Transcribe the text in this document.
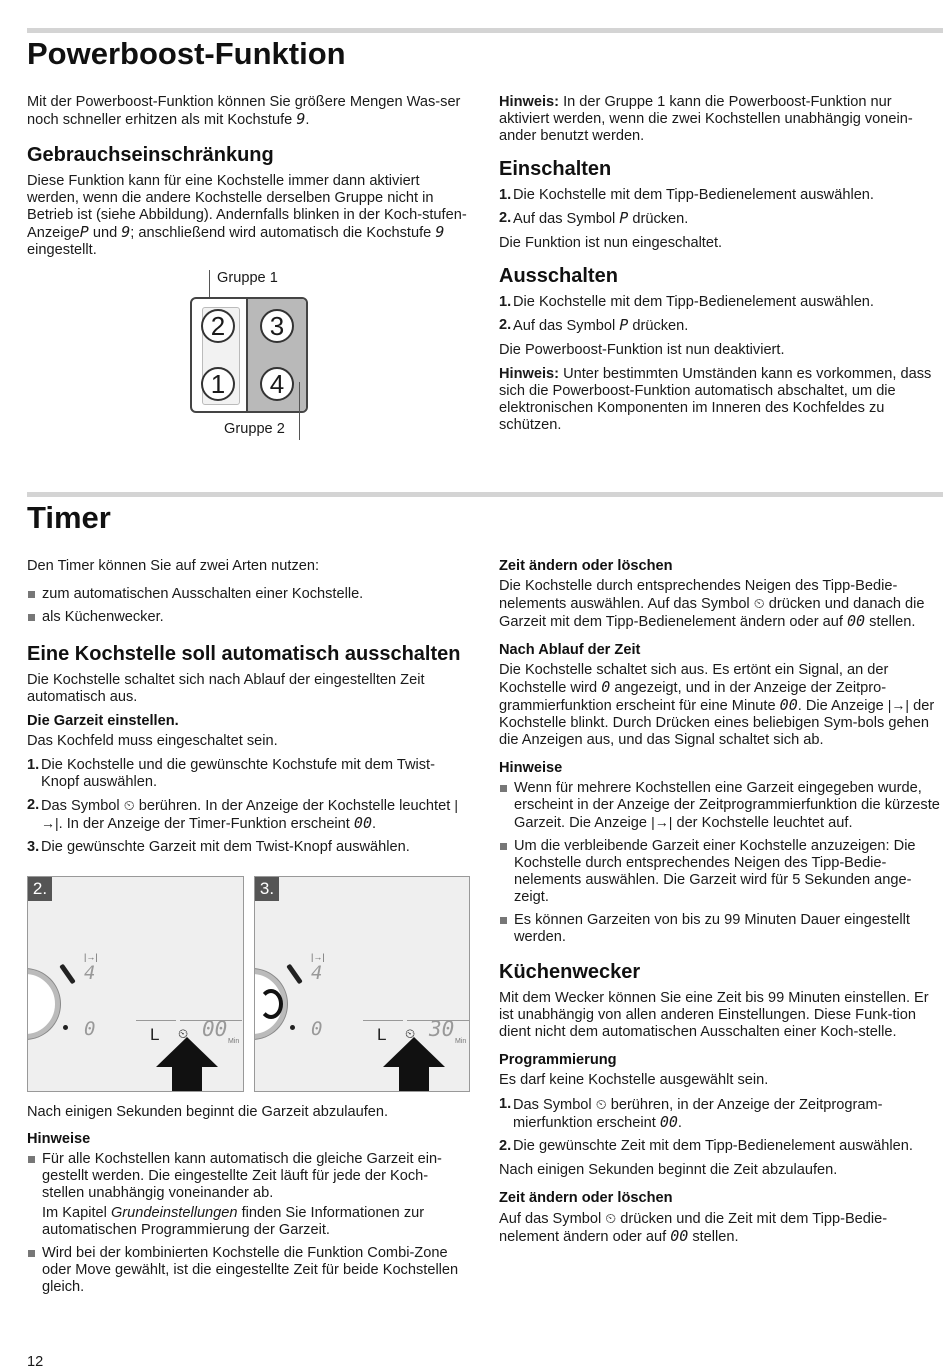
Powerboost-Funktion

Mit der Powerboost-Funktion können Sie größere Mengen Was-ser noch schneller erhitzen als mit Kochstufe 9.

Gebrauchseinschränkung

Diese Funktion kann für eine Kochstelle immer dann aktiviert werden, wenn die andere Kochstelle derselben Gruppe nicht in Betrieb ist (siehe Abbildung). Andernfalls blinken in der Koch-stufen-AnzeigeP und 9; anschließend wird automatisch die Kochstufe 9 eingestellt.

Gruppe 1
2	3
1	4
Gruppe 2

Hinweis: In der Gruppe 1 kann die Powerboost-Funktion nur aktiviert werden, wenn die zwei Kochstellen unabhängig vonein-ander benutzt werden.

Einschalten
1. Die Kochstelle mit dem Tipp-Bedienelement auswählen.
2. Auf das Symbol P drücken.

Die Funktion ist nun eingeschaltet.

Ausschalten
1. Die Kochstelle mit dem Tipp-Bedienelement auswählen.
2. Auf das Symbol P drücken.

Die Powerboost-Funktion ist nun deaktiviert.

Hinweis: Unter bestimmten Umständen kann es vorkommen, dass sich die Powerboost-Funktion automatisch abschaltet, um die elektronischen Komponenten im Inneren des Kochfeldes zu schützen.

Timer

Den Timer können Sie auf zwei Arten nutzen:

zum automatischen Ausschalten einer Kochstelle.
als Küchenwecker.
Eine Kochstelle soll automatisch ausschalten

Die Kochstelle schaltet sich nach Ablauf der eingestellten Zeit automatisch aus.

Die Garzeit einstellen.

Das Kochfeld muss eingeschaltet sein.

1. Die Kochstelle und die gewünschte Kochstufe mit dem Twist-Knopf auswählen.
2. Das Symbol ⏲ berühren. In der Anzeige der Kochstelle leuchtet |→|. In der Anzeige der Timer-Funktion erscheint 00.
3. Die gewünschte Garzeit mit dem Twist-Knopf auswählen.
2.
|→|
4
0	L ⏲ 00
Min
3.
|→|
4
0	L ⏲ 30
Min

Nach einigen Sekunden beginnt die Garzeit abzulaufen.

Hinweise
Für alle Kochstellen kann automatisch die gleiche Garzeit ein-gestellt werden. Die eingestellte Zeit läuft für jede der Koch-stellen unabhängig voneinander ab.
Im Kapitel Grundeinstellungen finden Sie Informationen zur automatischen Programmierung der Garzeit.
Wird bei der kombinierten Kochstelle die Funktion Combi-Zone oder Move gewählt, ist die eingestellte Zeit für beide Kochstellen gleich.
Zeit ändern oder löschen

Die Kochstelle durch entsprechendes Neigen des Tipp-Bedie-nelements auswählen. Auf das Symbol ⏲ drücken und danach die Garzeit mit dem Tipp-Bedienelement ändern oder auf 00 stellen.

Nach Ablauf der Zeit

Die Kochstelle schaltet sich aus. Es ertönt ein Signal, an der Kochstelle wird 0 angezeigt, und in der Anzeige der Zeitpro-grammierfunktion erscheint für eine Minute 00. Die Anzeige |→| der Kochstelle blinkt. Durch Drücken eines beliebigen Sym-bols gehen die Anzeigen aus, und das Signal schaltet sich ab.

Hinweise
Wenn für mehrere Kochstellen eine Garzeit eingegeben wurde, erscheint in der Anzeige der Zeitprogrammierfunktion die kürzeste Garzeit. Die Anzeige |→| der Kochstelle leuchtet auf.
Um die verbleibende Garzeit einer Kochstelle anzuzeigen: Die Kochstelle durch entsprechendes Neigen des Tipp-Bedie-nelements auswählen. Die Garzeit wird für 5 Sekunden ange-zeigt.
Es können Garzeiten von bis zu 99 Minuten Dauer eingestellt werden.
Küchenwecker

Mit dem Wecker können Sie eine Zeit bis 99 Minuten einstellen. Er ist unabhängig von allen anderen Einstellungen. Diese Funk-tion dient nicht dem automatischen Ausschalten einer Koch-stelle.

Programmierung

Es darf keine Kochstelle ausgewählt sein.

1. Das Symbol ⏲ berühren, in der Anzeige der Zeitprogram-mierfunktion erscheint 00.
2. Die gewünschte Zeit mit dem Tipp-Bedienelement auswählen.

Nach einigen Sekunden beginnt die Zeit abzulaufen.

Zeit ändern oder löschen

Auf das Symbol ⏲ drücken und die Zeit mit dem Tipp-Bedie-nelement ändern oder auf 00 stellen.

12
